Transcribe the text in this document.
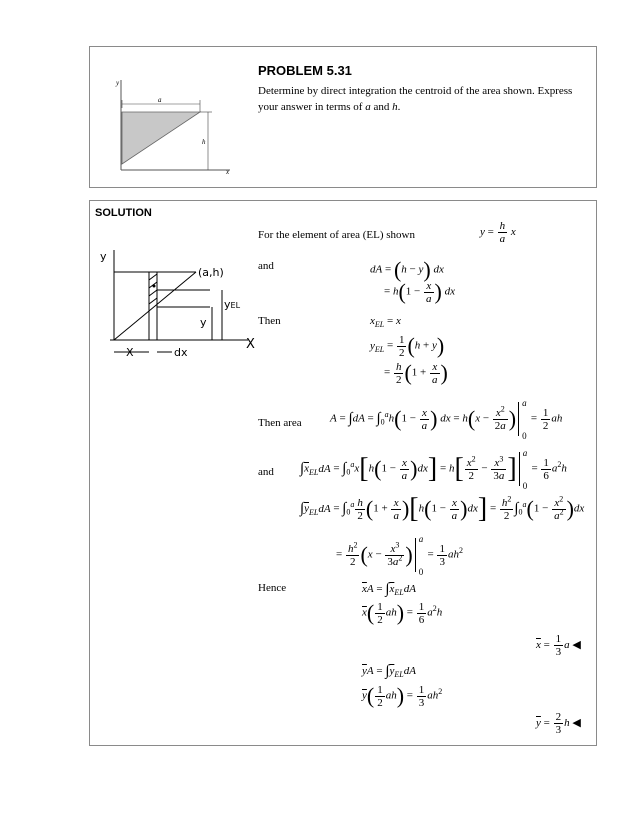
y
a
h
x
PROBLEM 5.31
Determine by direct integration the centroid of the area shown. Express
your answer in terms of a and h.
SOLUTION
y
(a,h)
yEL
y
X
X	dx
For the element of area (EL) shown	$y = \frac{h}{a}$ x
and	dA = (h − y) dx
= $h(1 - \frac{x}{a}$ ) dx
Then	$x_{EL} = x$
$y_{EL} = \frac{1}{2} (h + y)$
= $\frac{h}{2} (1 + \frac{x}{a}$ )
Then area	$A = \int dA = \int_0^ah(1 - \frac{x}{a}$ ) dx = $h(x - \frac{x^2}{2a}$ )
a
0
= $\frac{1}{2}$ ah
and $\int\overline{x}_{EL}dA = \int_0^ax[h(1 - \frac{x}{a} )dx] = h[ \frac{x^2}{2} - \frac{x^3}{3a}$ ] a
0
= $\frac{1}{6} a^2h$
$\int\overline{y}_{EL}dA = \int_0^a \frac{h}{2} (1 + \frac{x}{a} )[h(1 - \frac{x}{a} )dx] = \frac{h^2}{2} \int_0^a(1 - \frac{x^2}{a^2} )dx$
= $\frac{h^2}{2} (x - \frac{x^3}{3a^2}$ )
a
0
= $\frac{1}{3} ah^2$
Hence	$\overline{x}A = \int\overline{x}_{EL}dA$
$\overline{x}( \frac{1}{2} ah) = \frac{1}{6} a^2h$
$\overline{x} = \frac{1}{3}$ a ◀
$\overline{y}A = \int\overline{y}_{EL}dA$
$\overline{y}( \frac{1}{2} ah) = \frac{1}{3} ah^2$
$\overline{y} = \frac{2}{3}$ h ◀
